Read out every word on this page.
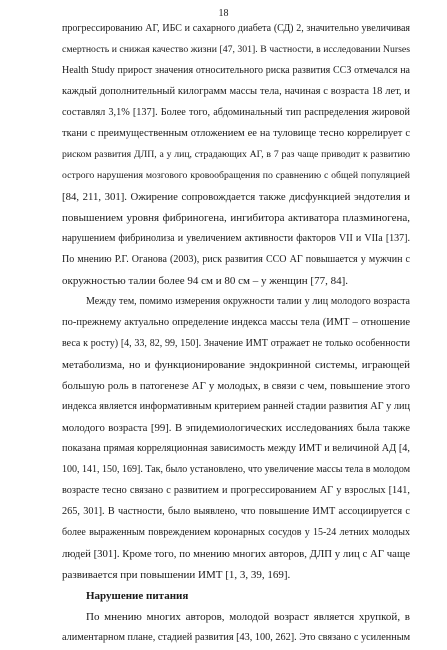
18
прогрессированию АГ, ИБС и сахарного диабета (СД) 2, значительно увеличивая
смертность и снижая качество жизни [47, 301]. В частности, в исследовании Nurses
Health Study прирост значения относительного риска развития ССЗ отмечался на
каждый дополнительный килограмм массы тела, начиная с возраста 18 лет, и
составлял 3,1% [137]. Более того, абдоминальный тип распределения жировой
ткани с преимущественным отложением ее на туловище тесно коррелирует с
риском развития ДЛП, а у лиц, страдающих АГ, в 7 раз чаще приводит к развитию
острого нарушения мозгового кровообращения по сравнению с общей популяцией
[84, 211, 301]. Ожирение сопровождается также дисфункцией эндотелия и
повышением уровня фибриногена, ингибитора активатора плазминогена,
нарушением фибринолиза и увеличением активности факторов VII и VIIa [137].
По мнению Р.Г. Оганова (2003), риск развития ССО АГ повышается у мужчин с
окружностью талии более 94 см и 80 см – у женщин [77, 84].
Между тем, помимо измерения окружности талии у лиц молодого возраста
по-прежнему актуально определение индекса массы тела (ИМТ – отношение
веса к росту) [4, 33, 82, 99, 150]. Значение ИМТ отражает не только особенности
метаболизма, но и функционирование эндокринной системы, играющей
большую роль в патогенезе АГ у молодых, в связи с чем, повышение этого
индекса является информативным критерием ранней стадии развития АГ у лиц
молодого возраста [99]. В эпидемиологических исследованиях была также
показана прямая корреляционная зависимость между ИМТ и величиной АД [4,
100, 141, 150, 169]. Так, было установлено, что увеличение массы тела в молодом
возрасте тесно связано с развитием и прогрессированием АГ у взрослых [141,
265, 301]. В частности, было выявлено, что повышение ИМТ ассоциируется с
более выраженным повреждением коронарных сосудов у 15-24 летних молодых
людей [301]. Кроме того, по мнению многих авторов, ДЛП у лиц с АГ чаще
развивается при повышении ИМТ [1, 3, 39, 169].
Нарушение питания
По мнению многих авторов, молодой возраст является хрупкой, в
алиментарном плане, стадией развития [43, 100, 262]. Это связано с усиленным
